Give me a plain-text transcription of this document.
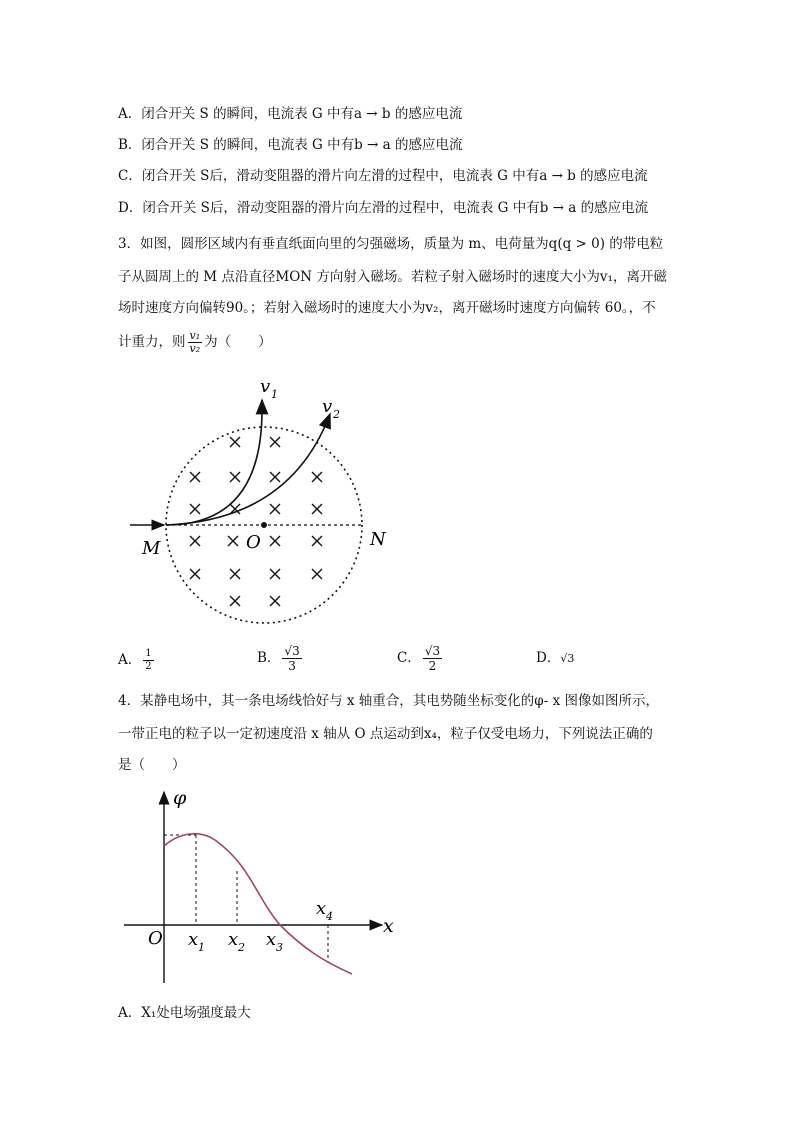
A．闭合开关 S 的瞬间，电流表 G 中有a → b 的感应电流
B．闭合开关 S 的瞬间，电流表 G 中有b → a 的感应电流
C．闭合开关 S后，滑动变阻器的滑片向左滑的过程中，电流表 G 中有a → b 的感应电流
D．闭合开关 S后，滑动变阻器的滑片向左滑的过程中，电流表 G 中有b → a 的感应电流
3．如图，圆形区域内有垂直纸面向里的匀强磁场，质量为 m、电荷量为q(q > 0) 的带电粒
子从圆周上的 M 点沿直径MON 方向射入磁场。若粒子射入磁场时的速度大小为v₁，离开磁
场时速度方向偏转90。；若射入磁场时的速度大小为v₂，离开磁场时速度方向偏转 60。，不
计重力，则 $\frac{\text{v₁}}{\text{v₂}}$ 为（　　）
v 1
v 2
M	O	N
A． $\frac{1}{2}$	B． $\frac{√3}{3}$	C． $\frac{√3}{2}$	D．√3
4．某静电场中，其一条电场线恰好与 x 轴重合，其电势随坐标变化的φ- x 图像如图所示，
一带正电的粒子以一定初速度沿 x 轴从 O 点运动到x₄，粒子仅受电场力，下列说法正确的
是（　　）
φ
x
O x 1 x 2 x 3
x 4
A．X₁处电场强度最大
